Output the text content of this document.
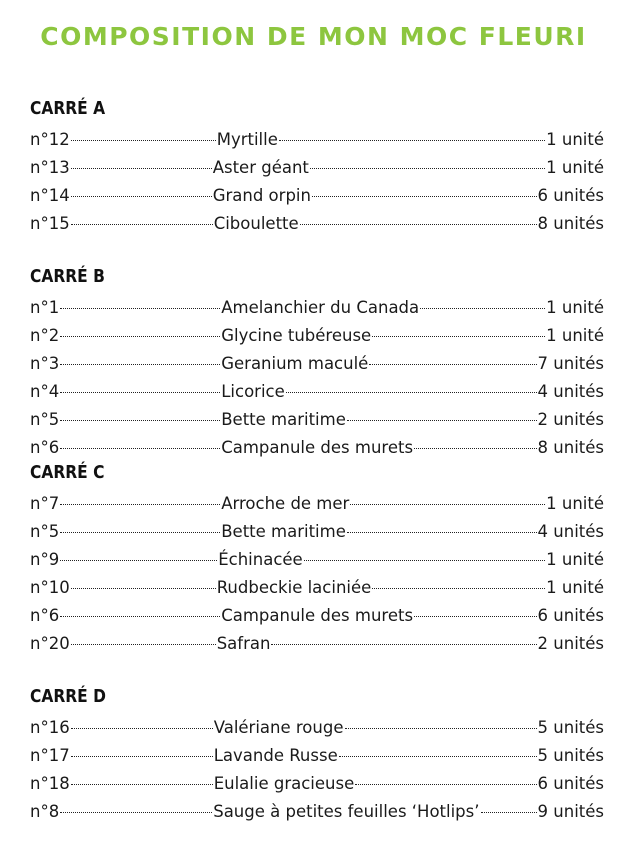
COMPOSITION DE MON MOC FLEURI
CARRÉ A
n°12	Myrtille	1 unité
n°13	Aster géant	1 unité
n°14	Grand orpin	6 unités
n°15	Ciboulette	8 unités
CARRÉ B
n°1	Amelanchier du Canada	1 unité
n°2	Glycine tubéreuse	1 unité
n°3	Geranium maculé	7 unités
n°4	Licorice	4 unités
n°5	Bette maritime	2 unités
n°6	Campanule des murets	8 unités
CARRÉ C
n°7	Arroche de mer	1 unité
n°5	Bette maritime	4 unités
n°9	Échinacée	1 unité
n°10	Rudbeckie laciniée	1 unité
n°6	Campanule des murets	6 unités
n°20	Safran	2 unités
CARRÉ D
n°16	Valériane rouge	5 unités
n°17	Lavande Russe	5 unités
n°18	Eulalie gracieuse	6 unités
n°8	Sauge à petites feuilles ‘Hotlips’	9 unités
